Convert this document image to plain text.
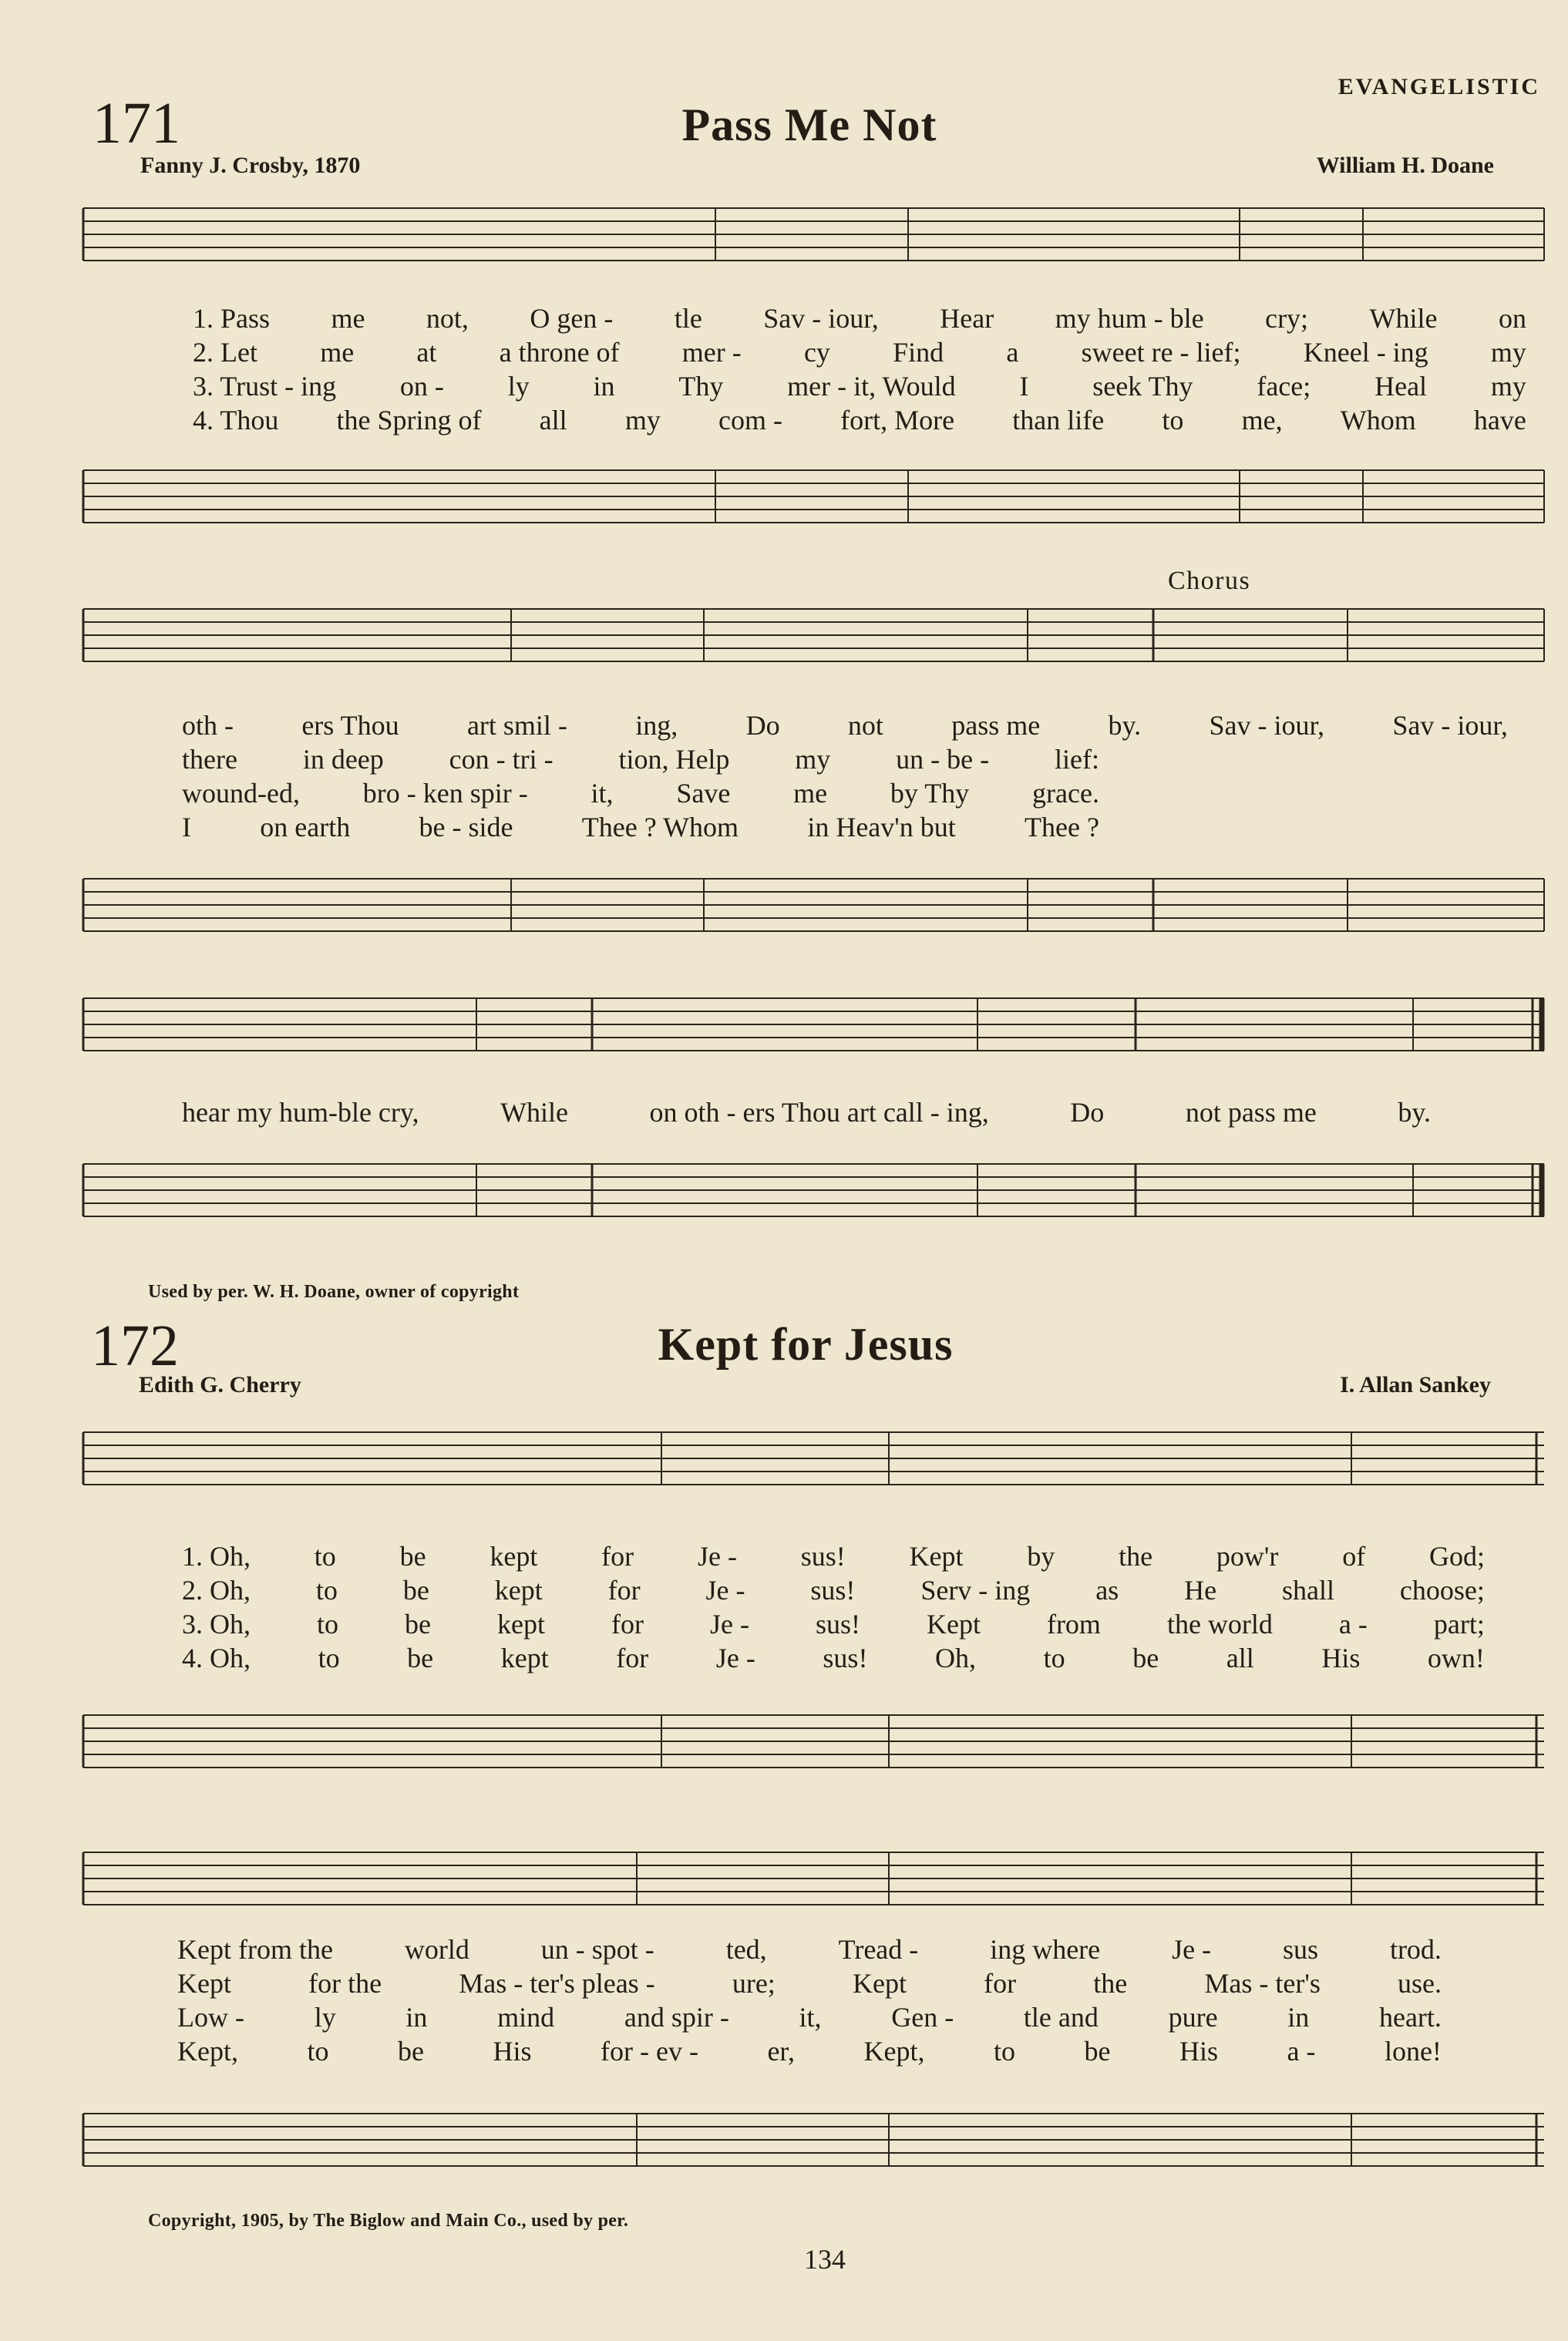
EVANGELISTIC
171	Pass Me Not
Fanny J. Crosby, 1870	William H. Doane
1. Pass me not, O gen - tle Sav - iour, Hear my hum - ble cry; While on
2. Let me at a throne of mer - cy Find a sweet re - lief; Kneel - ing my
3. Trust - ing on - ly in Thy mer - it, Would I seek Thy face; Heal my
4. Thou the Spring of all my com - fort, More than life to me, Whom have
Chorus
oth - ers Thou art smil - ing, Do not pass me by. Sav - iour, Sav - iour,
there in deep con - tri - tion, Help my un - be - lief:
wound-ed, bro - ken spir - it, Save me by Thy grace.
I on earth be - side Thee ? Whom in Heav'n but Thee ?
hear my hum-ble cry,	While	on oth - ers Thou art call - ing,	Do	not pass me	by.
Used by per. W. H. Doane, owner of copyright
172	Kept for Jesus
Edith G. Cherry	I. Allan Sankey
1. Oh, to be kept for Je - sus! Kept by the pow'r of God;
2. Oh, to be kept for Je - sus! Serv - ing as He shall choose;
3. Oh, to be kept for Je - sus! Kept from the world a - part;
4. Oh, to be kept for Je - sus! Oh, to be all His own!
Kept from the	world	un - spot -	ted,	Tread -	ing where	Je -	sus	trod.
Kept	for the	Mas - ter's pleas -	ure;	Kept	for	the	Mas - ter's	use.
Low -	ly	in	mind	and spir -	it,	Gen -	tle and	pure	in	heart.
Kept, to be His for - ev - er, Kept, to be His a - lone!
Copyright, 1905, by The Biglow and Main Co., used by per.
134
